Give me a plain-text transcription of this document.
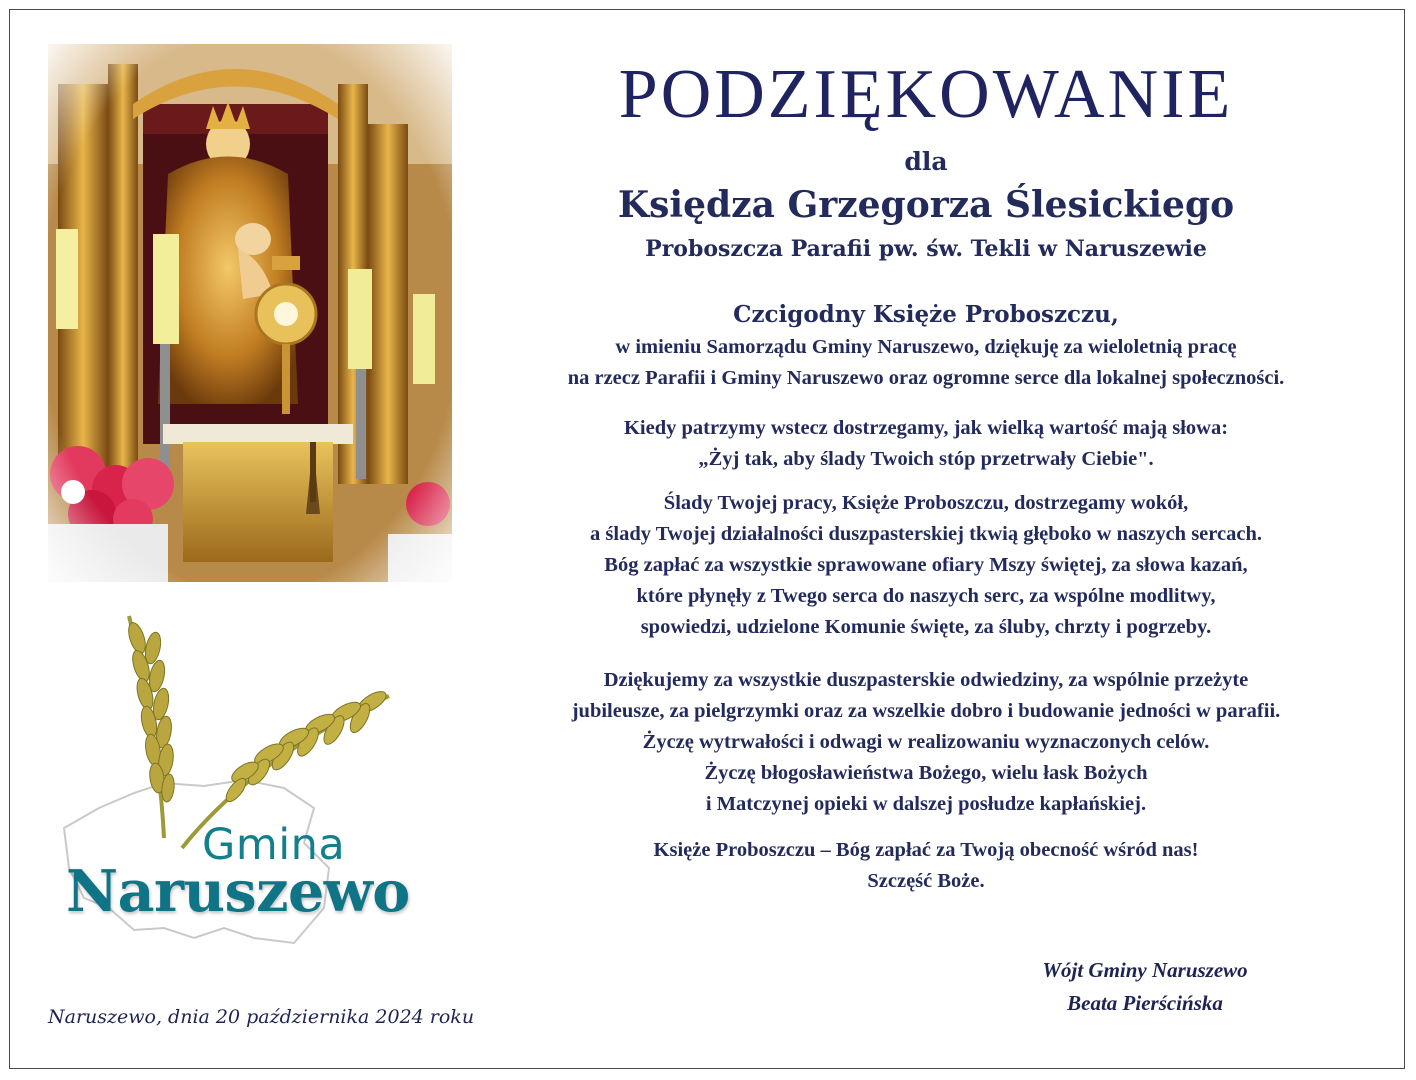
Gmina
Naruszewo
Naruszewo, dnia 20 października 2024 roku
PODZIĘKOWANIE
dla
Księdza Grzegorza Ślesickiego
Proboszcza Parafii pw. św. Tekli w Naruszewie
Czcigodny Księże Proboszczu,
w imieniu Samorządu Gminy Naruszewo, dziękuję za wieloletnią pracę
na rzecz Parafii i Gminy Naruszewo oraz ogromne serce dla lokalnej społeczności.
Kiedy patrzymy wstecz dostrzegamy, jak wielką wartość mają słowa:
„Żyj tak, aby ślady Twoich stóp przetrwały Ciebie".
Ślady Twojej pracy, Księże Proboszczu, dostrzegamy wokół,
a ślady Twojej działalności duszpasterskiej tkwią głęboko w naszych sercach.
Bóg zapłać za wszystkie sprawowane ofiary Mszy świętej, za słowa kazań,
które płynęły z Twego serca do naszych serc, za wspólne modlitwy,
spowiedzi, udzielone Komunie święte, za śluby, chrzty i pogrzeby.
Dziękujemy za wszystkie duszpasterskie odwiedziny, za wspólnie przeżyte
jubileusze, za pielgrzymki oraz za wszelkie dobro i budowanie jedności w parafii.
Życzę wytrwałości i odwagi w realizowaniu wyznaczonych celów.
Życzę błogosławieństwa Bożego, wielu łask Bożych
i Matczynej opieki w dalszej posłudze kapłańskiej.
Księże Proboszczu – Bóg zapłać za Twoją obecność wśród nas!
Szczęść Boże.
Wójt Gminy Naruszewo
Beata Pierścińska
